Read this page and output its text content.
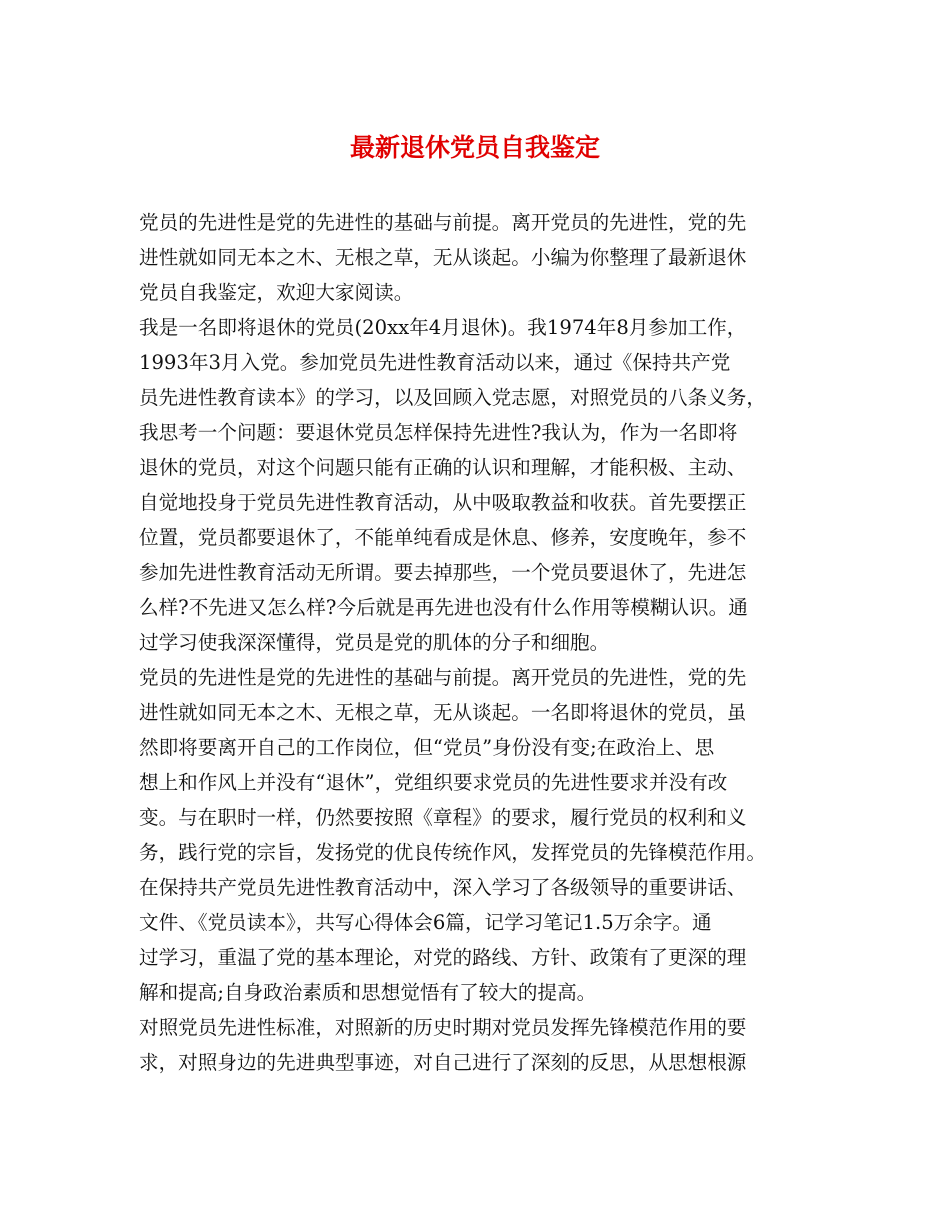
最新退休党员自我鉴定
党员的先进性是党的先进性的基础与前提。离开党员的先进性，党的先
进性就如同无本之木、无根之草，无从谈起。小编为你整理了最新退休
党员自我鉴定，欢迎大家阅读。
我是一名即将退休的党员(20xx年4月退休)。我1974年8月参加工作，
1993年3月入党。参加党员先进性教育活动以来，通过《保持共产党
员先进性教育读本》的学习，以及回顾入党志愿，对照党员的八条义务，
我思考一个问题：要退休党员怎样保持先进性?我认为，作为一名即将
退休的党员，对这个问题只能有正确的认识和理解，才能积极、主动、
自觉地投身于党员先进性教育活动，从中吸取教益和收获。首先要摆正
位置，党员都要退休了，不能单纯看成是休息、修养，安度晚年，参不
参加先进性教育活动无所谓。要去掉那些，一个党员要退休了，先进怎
么样?不先进又怎么样?今后就是再先进也没有什么作用等模糊认识。通
过学习使我深深懂得，党员是党的肌体的分子和细胞。
党员的先进性是党的先进性的基础与前提。离开党员的先进性，党的先
进性就如同无本之木、无根之草，无从谈起。一名即将退休的党员，虽
然即将要离开自己的工作岗位，但“党员”身份没有变;在政治上、思
想上和作风上并没有“退休”，党组织要求党员的先进性要求并没有改
变。与在职时一样，仍然要按照《章程》的要求，履行党员的权利和义
务，践行党的宗旨，发扬党的优良传统作风，发挥党员的先锋模范作用。
在保持共产党员先进性教育活动中，深入学习了各级领导的重要讲话、
文件、《党员读本》，共写心得体会6篇，记学习笔记1.5万余字。通
过学习，重温了党的基本理论，对党的路线、方针、政策有了更深的理
解和提高;自身政治素质和思想觉悟有了较大的提高。
对照党员先进性标准，对照新的历史时期对党员发挥先锋模范作用的要
求，对照身边的先进典型事迹，对自己进行了深刻的反思，从思想根源
